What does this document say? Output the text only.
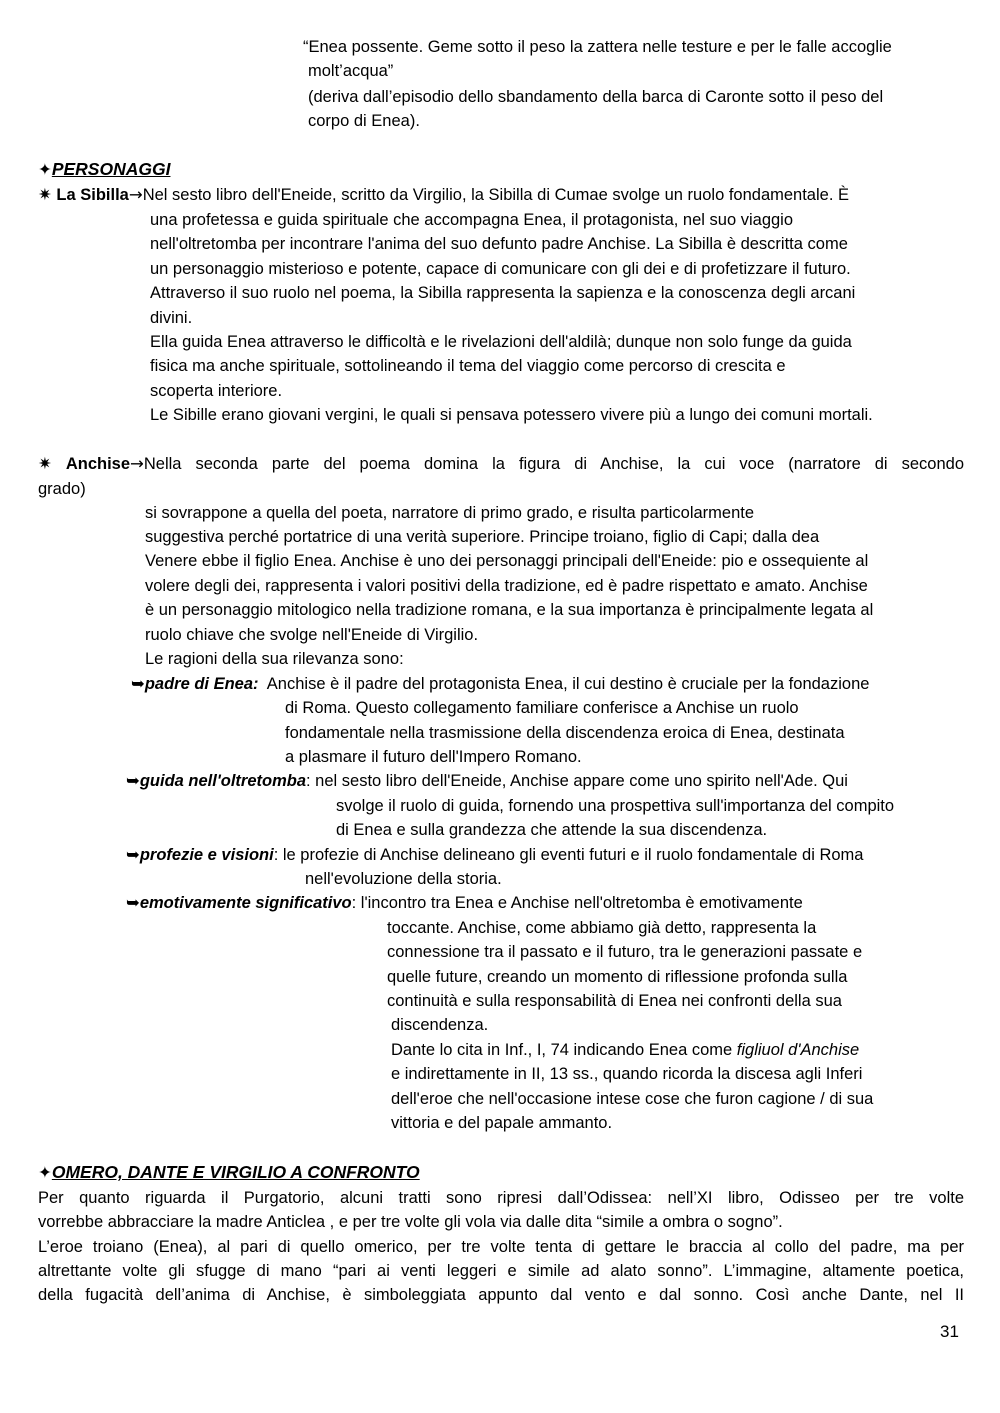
“Enea possente. Geme sotto il peso la zattera nelle testure e per le falle accoglie
molt’acqua”
(deriva dall’episodio dello sbandamento della barca di Caronte sotto il peso del
corpo di Enea).
✦PERSONAGGI
✷ La Sibilla→Nel sesto libro dell'Eneide, scritto da Virgilio, la Sibilla di Cumae svolge un ruolo fondamentale. È
una profetessa e guida spirituale che accompagna Enea, il protagonista, nel suo viaggio
nell'oltretomba per incontrare l'anima del suo defunto padre Anchise. La Sibilla è descritta come
un personaggio misterioso e potente, capace di comunicare con gli dei e di profetizzare il futuro.
Attraverso il suo ruolo nel poema, la Sibilla rappresenta la sapienza e la conoscenza degli arcani
divini.
Ella guida Enea attraverso le difficoltà e le rivelazioni dell'aldilà; dunque non solo funge da guida
fisica ma anche spirituale, sottolineando il tema del viaggio come percorso di crescita e
scoperta interiore.
Le Sibille erano giovani vergini, le quali si pensava potessero vivere più a lungo dei comuni mortali.
✷ Anchise→Nella seconda parte del poema domina la figura di Anchise, la cui voce (narratore di secondo
grado)
si sovrappone a quella del poeta, narratore di primo grado, e risulta particolarmente
suggestiva perché portatrice di una verità superiore. Principe troiano, figlio di Capi; dalla dea
Venere ebbe il figlio Enea. Anchise è uno dei personaggi principali dell'Eneide: pio e ossequiente al
volere degli dei, rappresenta i valori positivi della tradizione, ed è padre rispettato e amato. Anchise
è un personaggio mitologico nella tradizione romana, e la sua importanza è principalmente legata al
ruolo chiave che svolge nell'Eneide di Virgilio.
Le ragioni della sua rilevanza sono:
➥padre di Enea:  Anchise è il padre del protagonista Enea, il cui destino è cruciale per la fondazione
di Roma. Questo collegamento familiare conferisce a Anchise un ruolo
fondamentale nella trasmissione della discendenza eroica di Enea, destinata
a plasmare il futuro dell'Impero Romano.
➥guida nell'oltretomba: nel sesto libro dell'Eneide, Anchise appare come uno spirito nell'Ade. Qui
svolge il ruolo di guida, fornendo una prospettiva sull'importanza del compito
di Enea e sulla grandezza che attende la sua discendenza.
➥profezie e visioni: le profezie di Anchise delineano gli eventi futuri e il ruolo fondamentale di Roma
nell'evoluzione della storia.
➥emotivamente significativo: l'incontro tra Enea e Anchise nell'oltretomba è emotivamente
toccante. Anchise, come abbiamo già detto, rappresenta la
connessione tra il passato e il futuro, tra le generazioni passate e
quelle future, creando un momento di riflessione profonda sulla
continuità e sulla responsabilità di Enea nei confronti della sua
discendenza.
Dante lo cita in Inf., I, 74 indicando Enea come figliuol d'Anchise
e indirettamente in II, 13 ss., quando ricorda la discesa agli Inferi
dell'eroe che nell'occasione intese cose che furon cagione / di sua
vittoria e del papale ammanto.
✦OMERO, DANTE E VIRGILIO A CONFRONTO
Per quanto riguarda il Purgatorio, alcuni tratti sono ripresi dall’Odissea: nell’XI libro, Odisseo per tre volte
vorrebbe abbracciare la madre Anticlea , e per tre volte gli vola via dalle dita “simile a ombra o sogno”.
L’eroe troiano (Enea), al pari di quello omerico, per tre volte tenta di gettare le braccia al collo del padre, ma per
altrettante volte gli sfugge di mano “pari ai venti leggeri e simile ad alato sonno”. L’immagine, altamente poetica,
della fugacità dell’anima di Anchise, è simboleggiata appunto dal vento e dal sonno. Così anche Dante, nel II
31
